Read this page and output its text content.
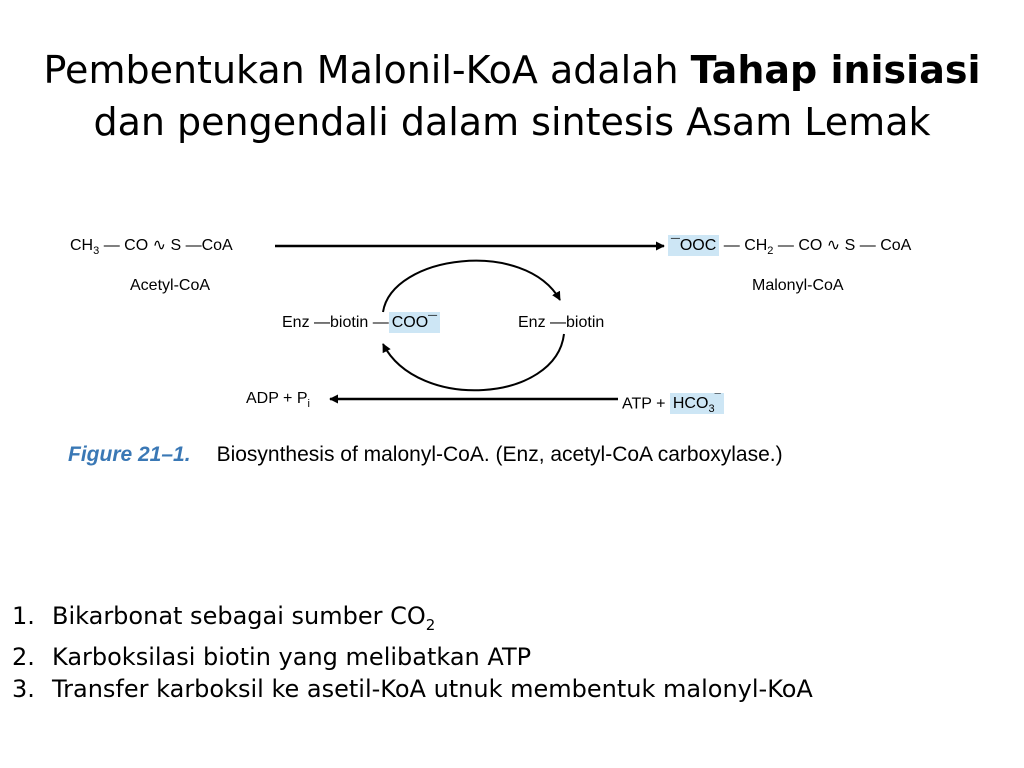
Pembentukan Malonil-KoA adalah Tahap inisiasi
dan pengendali dalam sintesis Asam Lemak
$CH_3$ — CO ∿ S —CoA
Acetyl-CoA
¯OOC — $CH_2$ — CO ∿ S — CoA
Malonyl-CoA
Enz —biotin — COO¯	Enz —biotin
ADP + $P_i$	ATP + $HCO_3^¯$
Figure 21–1. Biosynthesis of malonyl-CoA. (Enz, acetyl-CoA carboxylase.)
1. Bikarbonat sebagai sumber $CO_2$
2. Karboksilasi biotin yang melibatkan ATP
3. Transfer karboksil ke asetil-KoA utnuk membentuk malonyl-KoA
